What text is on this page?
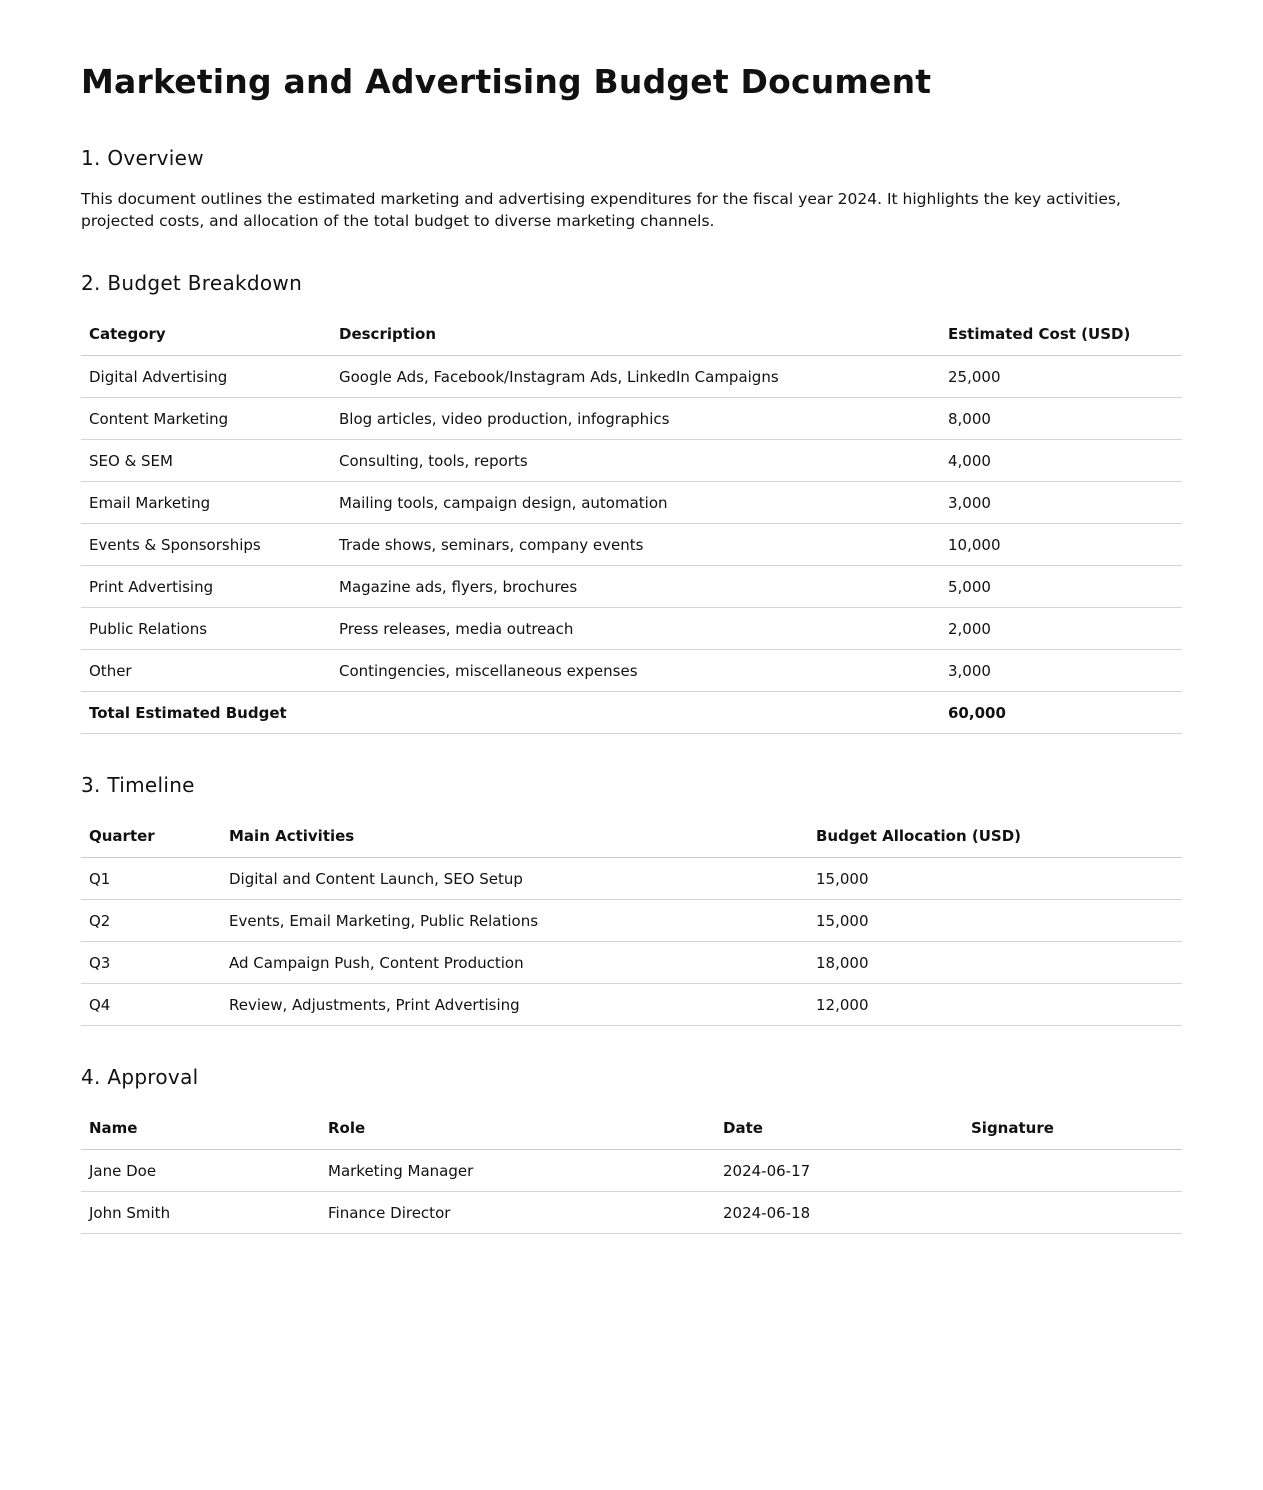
Marketing and Advertising Budget Document
1. Overview

This document outlines the estimated marketing and advertising expenditures for the fiscal year 2024. It highlights the key activities, projected costs, and allocation of the total budget to diverse marketing channels.

2. Budget Breakdown
Category	Description	Estimated Cost (USD)
Digital Advertising	Google Ads, Facebook/Instagram Ads, LinkedIn Campaigns	25,000
Content Marketing	Blog articles, video production, infographics	8,000
SEO & SEM	Consulting, tools, reports	4,000
Email Marketing	Mailing tools, campaign design, automation	3,000
Events & Sponsorships	Trade shows, seminars, company events	10,000
Print Advertising	Magazine ads, flyers, brochures	5,000
Public Relations	Press releases, media outreach	2,000
Other	Contingencies, miscellaneous expenses	3,000
Total Estimated Budget		60,000
3. Timeline
Quarter	Main Activities	Budget Allocation (USD)
Q1	Digital and Content Launch, SEO Setup	15,000
Q2	Events, Email Marketing, Public Relations	15,000
Q3	Ad Campaign Push, Content Production	18,000
Q4	Review, Adjustments, Print Advertising	12,000
4. Approval
Name	Role	Date	Signature
Jane Doe	Marketing Manager	2024-06-17	
John Smith	Finance Director	2024-06-18	
